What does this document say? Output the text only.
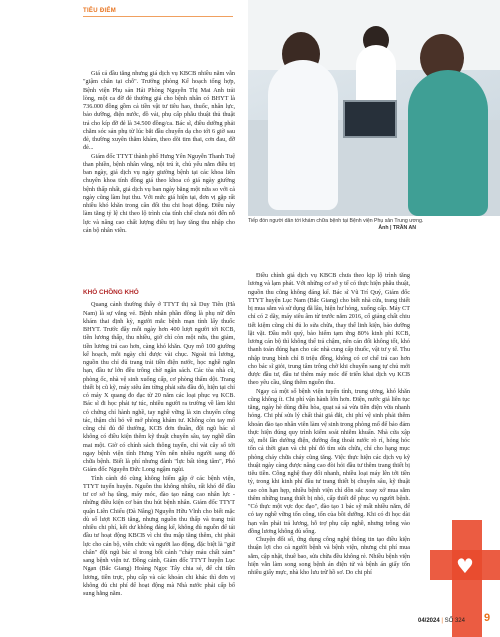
TIÊU ĐIỂM

Giá cả đầu tăng nhưng giá dịch vụ KBCB nhiều năm vẫn "giậm chân tại chỗ". Trưởng phòng Kế hoạch tổng hợp, Bệnh viện Phụ sản Hải Phòng Nguyễn Thị Mai Anh trải lòng, một ca đỡ đẻ thường giá cho bệnh nhân có BHYT là 736.000 đồng gồm cả tiền vật tư tiêu hao, thuốc, nhân lực, bảo dưỡng, điện nước, đồ vải, phụ cấp phẫu thuật thủ thuật trả cho kíp đỡ đẻ là 34.500 đồng/ca. Bác sĩ, điều dưỡng phải chăm sóc sản phụ từ lúc bắt đầu chuyển dạ cho tới 6 giờ sau đẻ, thường xuyên thăm khám, theo dõi tim thai, cơn đau, đỡ đẻ...

Giám đốc TTYT thành phố Hưng Yên Nguyễn Thanh Tuệ than phiền, bệnh nhân vắng, nội trú ít, chủ yếu nằm điều trị ban ngày, giá dịch vụ ngày giường bệnh tại các khoa liên chuyên khoa tính đồng giá theo khoa có giá ngày giường bệnh thấp nhất, giá dịch vụ ban ngày bằng một nửa so với cả ngày cũng làm hụt thu. Với mức giá hiện tại, đơn vị gặp rất nhiều khó khăn trong cân đối thu chi hoạt động. Điều này làm tăng tỷ lệ chi theo lộ trình của tính chế chưa nói đến nỗ lực và nâng cao chất lượng điều trị hay tăng thu nhập cho cán bộ nhân viên.

KHÓ CHỒNG KHÓ

Quang cảnh thường thấy ở TTYT thị xã Duy Tiên (Hà Nam) là sự vắng vẻ. Bệnh nhân phần đông là phụ nữ đến khám thai định kỳ, người mắc bệnh mạn tính lấy thuốc BHYT. Trước đây mỗi ngày hơn 400 lượt người tới KCB, tiền lương thấp, thu nhiều, giờ chỉ còn một nửa, thu giảm, tiền lương trả cao hơn, càng khó khăn. Quy mô 100 giường kế hoạch, mỗi ngày chỉ được vài chục. Ngoài trả lương, nguồn thu chỉ đủ trang trải tiền điện nước, học nghề ngắn hạn, đầu tư lớn đều trông chờ ngân sách. Các tòa nhà cũ, phòng ốc, nhà vệ sinh xuống cấp, cơ phòng thấm dột. Trang thiết bị cũ kỹ, máy siêu âm từng phải sửa đầu đò, hiện tại chỉ có máy X quang đo đạc từ 20 năm các loại phục vụ KCB. Bác sĩ đi học phải tự túc, nhiều người ra trường về làm khi có chứng chỉ hành nghề, tay nghề vững là xin chuyển công tác, thậm chí bỏ về mở phòng khám tư. Không còn tay mổ cũng chỉ đủ để thường, KCB đơn thuần, đội ngũ bác sĩ không có điều kiện thêm kỹ thuật chuyên sâu, tay nghề dần mai một. Giờ có chính sách thông tuyến, chỉ vài cây số tới ngay bệnh viện tỉnh Hưng Yên nên nhiều người sang đó chữa bệnh. Biết là phí nhưng đành "lực bất tòng tâm", Phó Giám đốc Nguyễn Đức Long ngậm ngùi.

Tình cảnh đó cũng không hiếm gặp ở các bệnh viện, TTYT tuyến huyện. Nguồn thu không nhiều, rất khó để đầu tư cơ sở hạ tầng, máy móc, đào tạo nâng cao nhân lực - những điều kiện cơ bản thu hút bệnh nhân. Giám đốc TTYT quận Liên Chiểu (Đà Nẵng) Nguyễn Hữu Vĩnh cho biết mặc dù số lượt KCB tăng, nhưng nguồn thu thấp và trang trải nhiều chi phí, kết dư không đáng kể, không đủ nguồn để tái đầu tư hoạt động KBCB vì chi thu mập tăng thêm, chi phải lực cho cán bộ, viên chức và người lao động, đặc biệt là "giữ chân" đội ngũ bác sĩ trong bối cảnh "chảy máu chất xám" sang bệnh viện tư. Đồng cảnh, Giám đốc TTYT huyện Lục Ngạn (Bắc Giang) Hoàng Ngọc Tây chia sẻ, để chi tiền lương, tiền trực, phụ cấp và các khoản chi khác thì đơn vị không đủ chi phí để hoạt động mà Nhà nước phải cấp bổ sung hằng năm.

Tiếp đón người dân tới khám chữa bệnh tại Bệnh viện Phụ sản Trung ương.
Ảnh | TRẦN AN

Điều chỉnh giá dịch vụ KBCB chưa theo kịp lộ trình tăng lương và lạm phát. Với những cơ sở y tế có thực hiện phẫu thuật, nguồn thu cũng không đáng kể. Bác sĩ Vũ Trí Quý, Giám đốc TTYT huyện Lục Nam (Bắc Giang) cho biết nhà cửa, trang thiết bị mua sắm và sử dụng đã lâu, hiện hư hỏng, xuống cấp. Máy CT chỉ có 2 dãy, máy siêu âm từ trước năm 2016, cổ giảng chất chiu tiết kiệm cũng chỉ đủ lo sửa chữa, thay thế linh kiện, bảo dưỡng lặt vặt. Đầu mỗi quý, bảo hiểm tạm ứng 80% kinh phí KCB, lương cán bộ thì không thể trả chậm, nên cán đối không tốt, khó thanh toán đúng hạn cho các nhà cung cấp thuốc, vật tư y tế. Thu nhập trung bình chỉ 8 triệu đồng, không có cơ chế trả cao hơn cho bác sĩ giỏi, trung tâm trông chờ khi chuyển sang tự chủ mới được đầu tư, đầu tư thêm máy móc để triển khai dịch vụ KCB theo yêu cầu, tăng thêm nguồn thu.

Ngay cả một số bệnh viện tuyến tỉnh, trung ương, khó khăn cũng không ít. Chi phí vận hành lớn hơn. Điện, nước giá liên tục tăng, ngày hè dùng điều hòa, quạt sả sả vừa tiền điện vừa nhanh hỏng. Chi phí sửa lý chất thải giá đắt, chi phí vệ sinh phải thêm khoản đào tạo nhân viên làm vệ sinh trong phòng mổ để bảo đảm thực hiện đúng quy trình kiểm soát nhiễm khuẩn. Nhà cửa xập xệ, mỗi lần dường điện, đường ống thoát nước rò rỉ, hỏng hóc tốn cả thời gian và chi phí đó tìm sửa chữa, chỉ cho hạng mục phòng cháy chữa cháy cũng tăng. Việc thực hiện các dịch vụ kỹ thuật ngày càng được nâng cao đòi hỏi đầu tư thêm trang thiết bị tiêu tiền. Công nghệ thay đổi nhanh, nhiều loại máy lên tới tiền tỷ, trong khi kinh phí đầu tư trang thiết bị chuyên sâu, kỹ thuật cao còn hạn hẹp, nhiều bệnh viện chỉ dồn sắc xoay xở mua sắm thêm những trang thiết bị nhỏ, cấp thiết để phục vụ người bệnh. "Có thực một vực đọc đạo", đào tạo 1 bác sỹ mất nhiều năm, để có tay nghề vững tốn công, tốn của bồi dưỡng. Khi có đi học dài hạn vẫn phải trả lương, hỗ trợ phụ cấp nghề, nhưng trông vào đồng lương không đủ sống.

Chuyện đổi số, ứng dụng công nghệ thông tin tạo điều kiện thuận lợi cho cả người bệnh và bệnh viện, nhưng chi phí mua sắm, cập nhật, thuê bao, sửa chữa đều không rẻ. Nhiều bệnh viện hiện vẫn làm song song bệnh án điện tử và bệnh án giấy tốn nhiều giấy mực, nhà kho lưu trữ hồ sơ. Do chi phí	♥
04/2024 | SỐ 324 9
